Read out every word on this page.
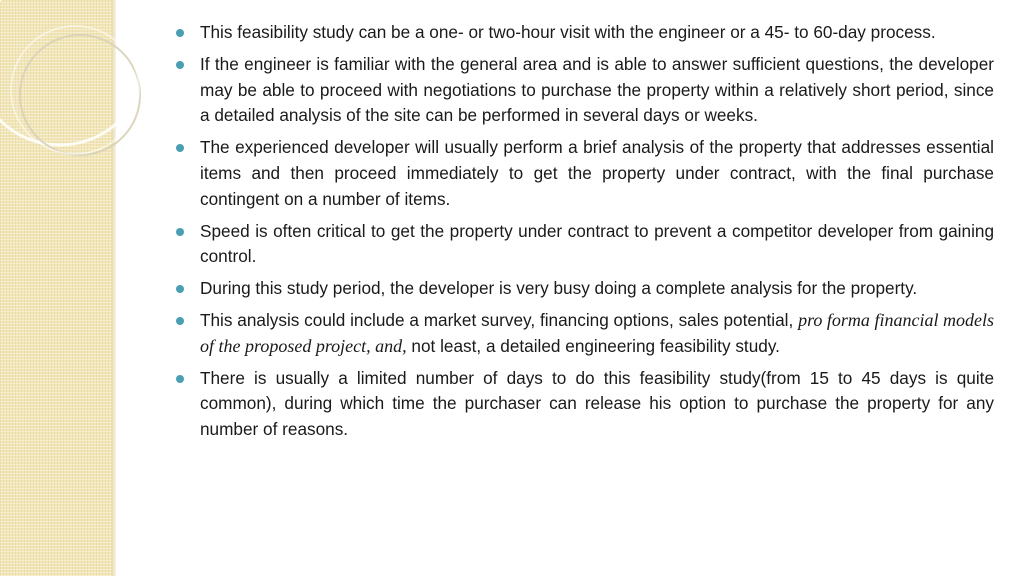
This feasibility study can be a one- or two-hour visit with the engineer or a 45- to 60-day process.
If the engineer is familiar with the general area and is able to answer sufficient questions, the developer may be able to proceed with negotiations to purchase the property within a relatively short period, since a detailed analysis of the site can be performed in several days or weeks.
The experienced developer will usually perform a brief analysis of the property that addresses essential items and then proceed immediately to get the property under contract, with the final purchase contingent on a number of items.
Speed is often critical to get the property under contract to prevent a competitor developer from gaining control.
During this study period, the developer is very busy doing a complete analysis for the property.
This analysis could include a market survey, financing options, sales potential, pro forma financial models of the proposed project, and, not least, a detailed engineering feasibility study.
There is usually a limited number of days to do this feasibility study(from 15 to 45 days is quite common), during which time the purchaser can release his option to purchase the property for any number of reasons.
